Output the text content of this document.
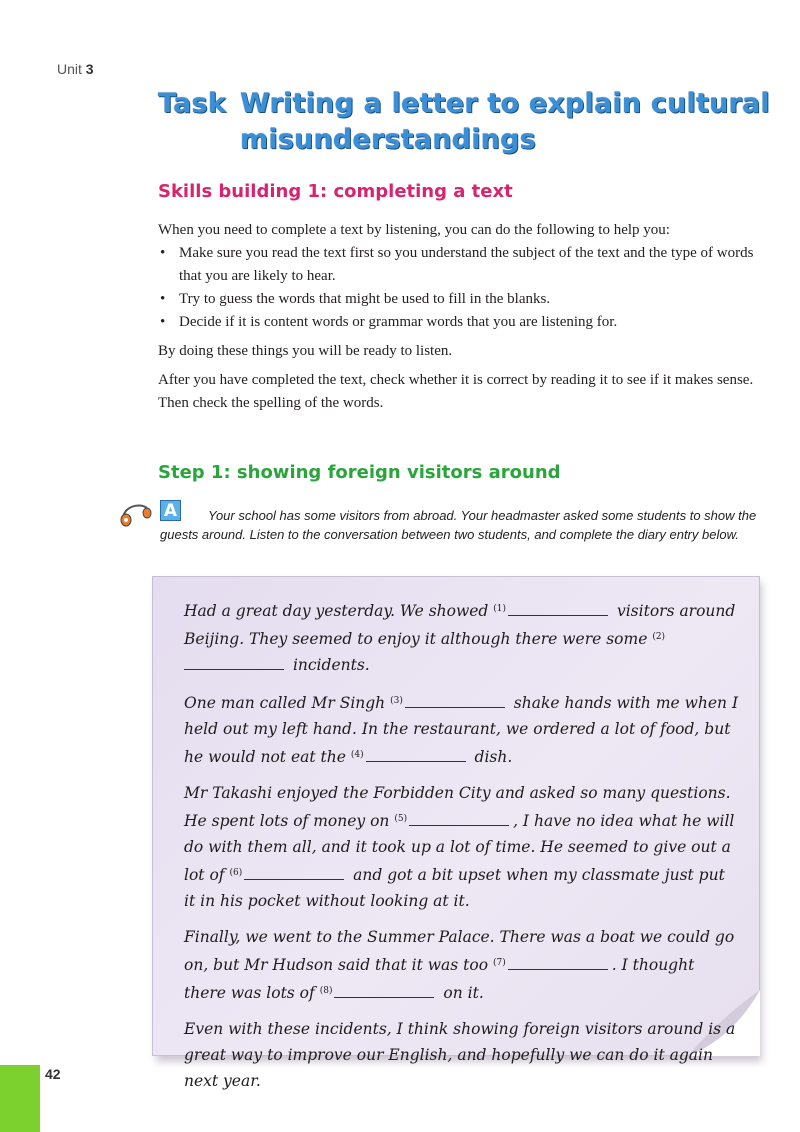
Unit 3
Task Writing a letter to explain cultural
misunderstandings
Skills building 1: completing a text

When you need to complete a text by listening, you can do the following to help you:

• Make sure you read the text first so you understand the subject of the text and the type of words that you are likely to hear.
• Try to guess the words that might be used to fill in the blanks.
• Decide if it is content words or grammar words that you are listening for.

By doing these things you will be ready to listen.

After you have completed the text, check whether it is correct by reading it to see if it makes sense. Then check the spelling of the words.

Step 1: showing foreign visitors around
A	Your school has some visitors from abroad. Your headmaster asked some students to show the guests around. Listen to the conversation between two students, and complete the diary entry below.

Had a great day yesterday. We showed $^{(1)}$	visitors around Beijing. They seemed to enjoy it although there were some $^{(2)}$ incidents.

One man called Mr Singh $^{(3)}$	shake hands with me when I held out my left hand. In the restaurant, we ordered a lot of food, but he would not eat the $^{(4)}$	dish.

Mr Takashi enjoyed the Forbidden City and asked so many questions. He spent lots of money on $^{(5)}$	, I have no idea what he will do with them all, and it took up a lot of time. He seemed to give out a lot of $^{(6)}$	and got a bit upset when my classmate just put it in his pocket without looking at it.

Finally, we went to the Summer Palace. There was a boat we could go on, but Mr Hudson said that it was too $^{(7)}$	. I thought there was lots of $^{(8)}$	on it.

Even with these incidents, I think showing foreign visitors around is a great way to improve our English, and hopefully we can do it again next year.

42
